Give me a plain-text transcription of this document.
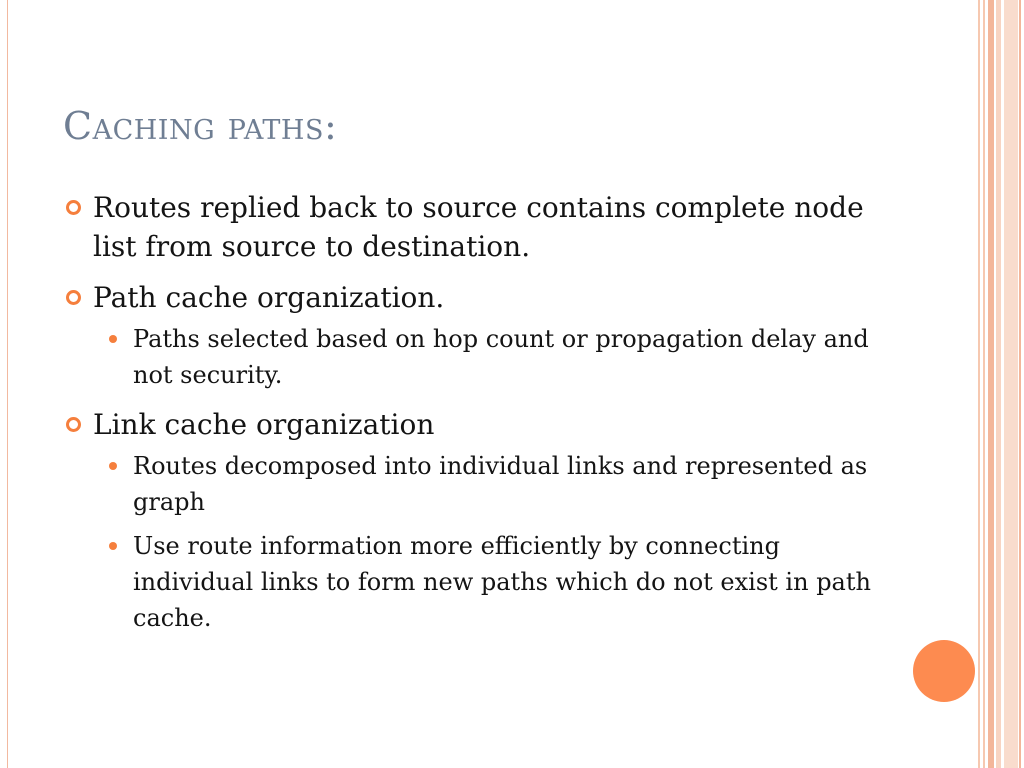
Caching paths:
Routes replied back to source contains complete node list from source to destination.
Path cache organization.
Paths selected based on hop count or propagation delay and not security.
Link cache organization
Routes decomposed into individual links and represented as graph
Use route information more efficiently by connecting individual links to form new paths which do not exist in path cache.
